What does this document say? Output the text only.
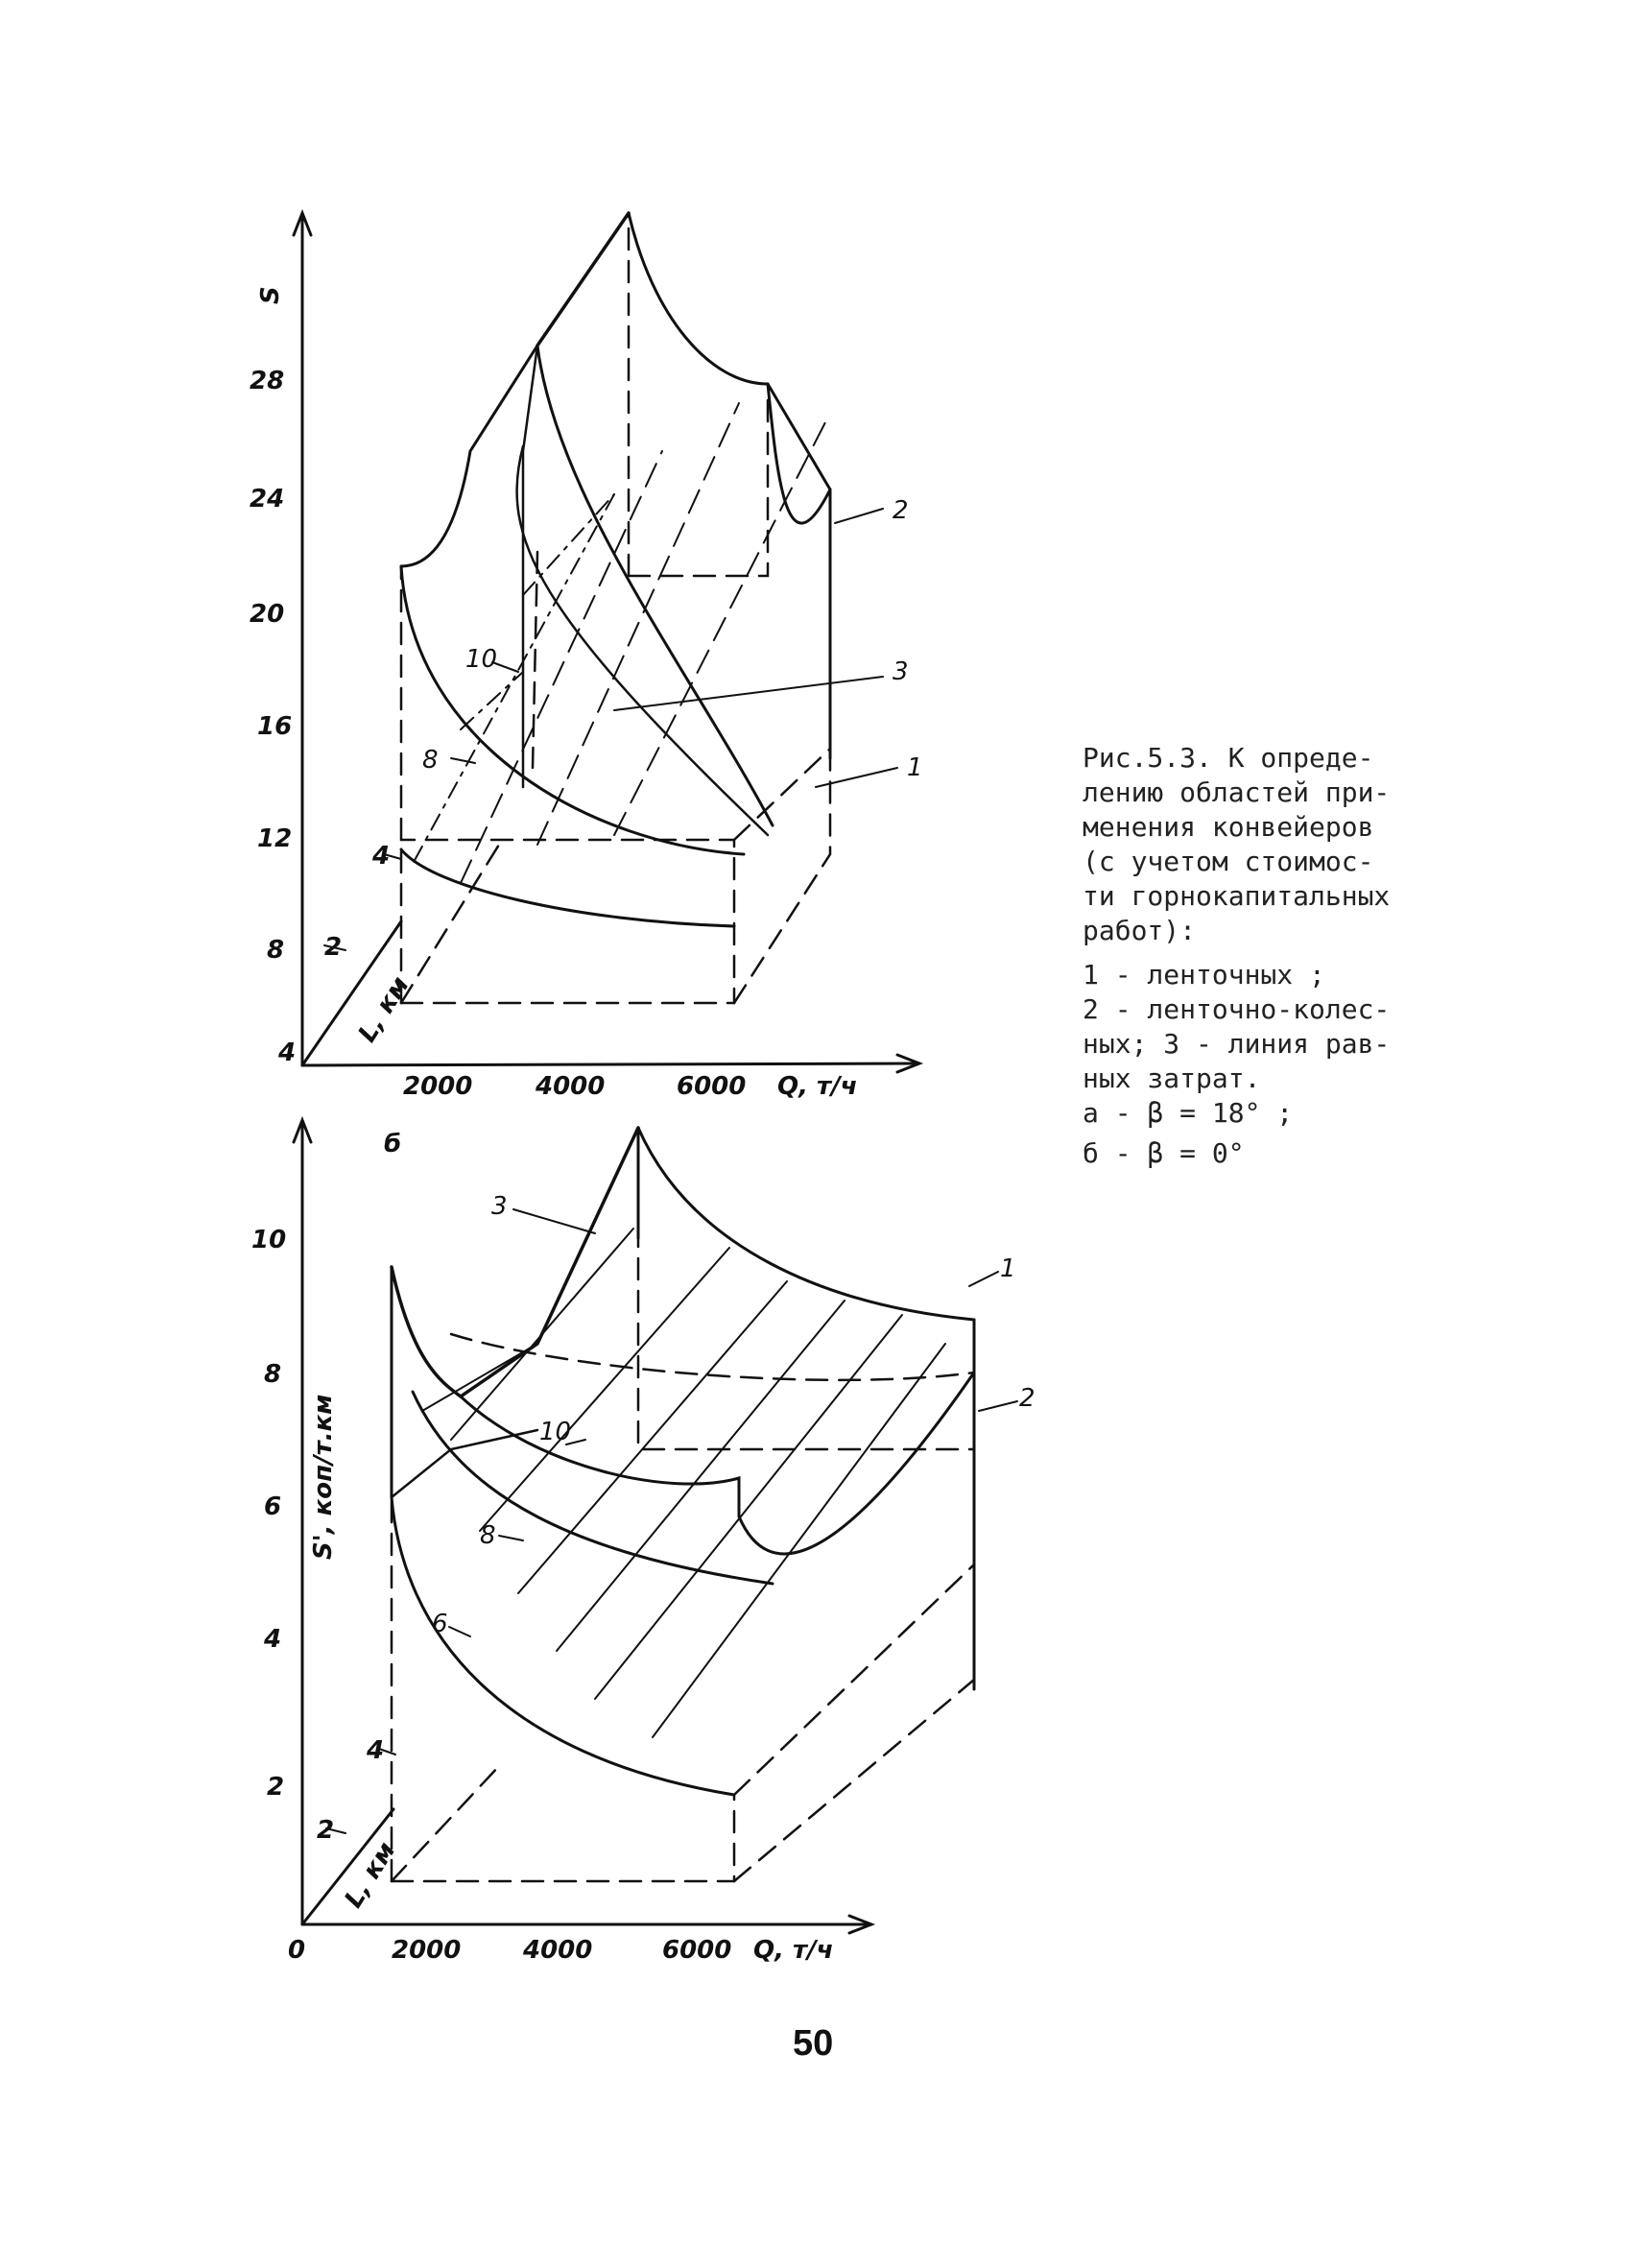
S
28
24
20
16
12
8
4
2000	4000	6000 Q, т/ч
L, км
2
4
2
3
1
10
8
б
S', коп/т.км
10
8
6
4
2
0	2000 4000	6000 Q, т/ч
L, км
2
4
3
1
2
10
8
6
Рис.5.3. К опреде-
лению областей при-
менения конвейеров
(с учетом стоимос-
ти горнокапитальных
работ):
1 - ленточных ;
2 - ленточно-колес-
ных; 3 - линия рав-
ных затрат.
а - β = 18° ;
б - β = 0°
50
